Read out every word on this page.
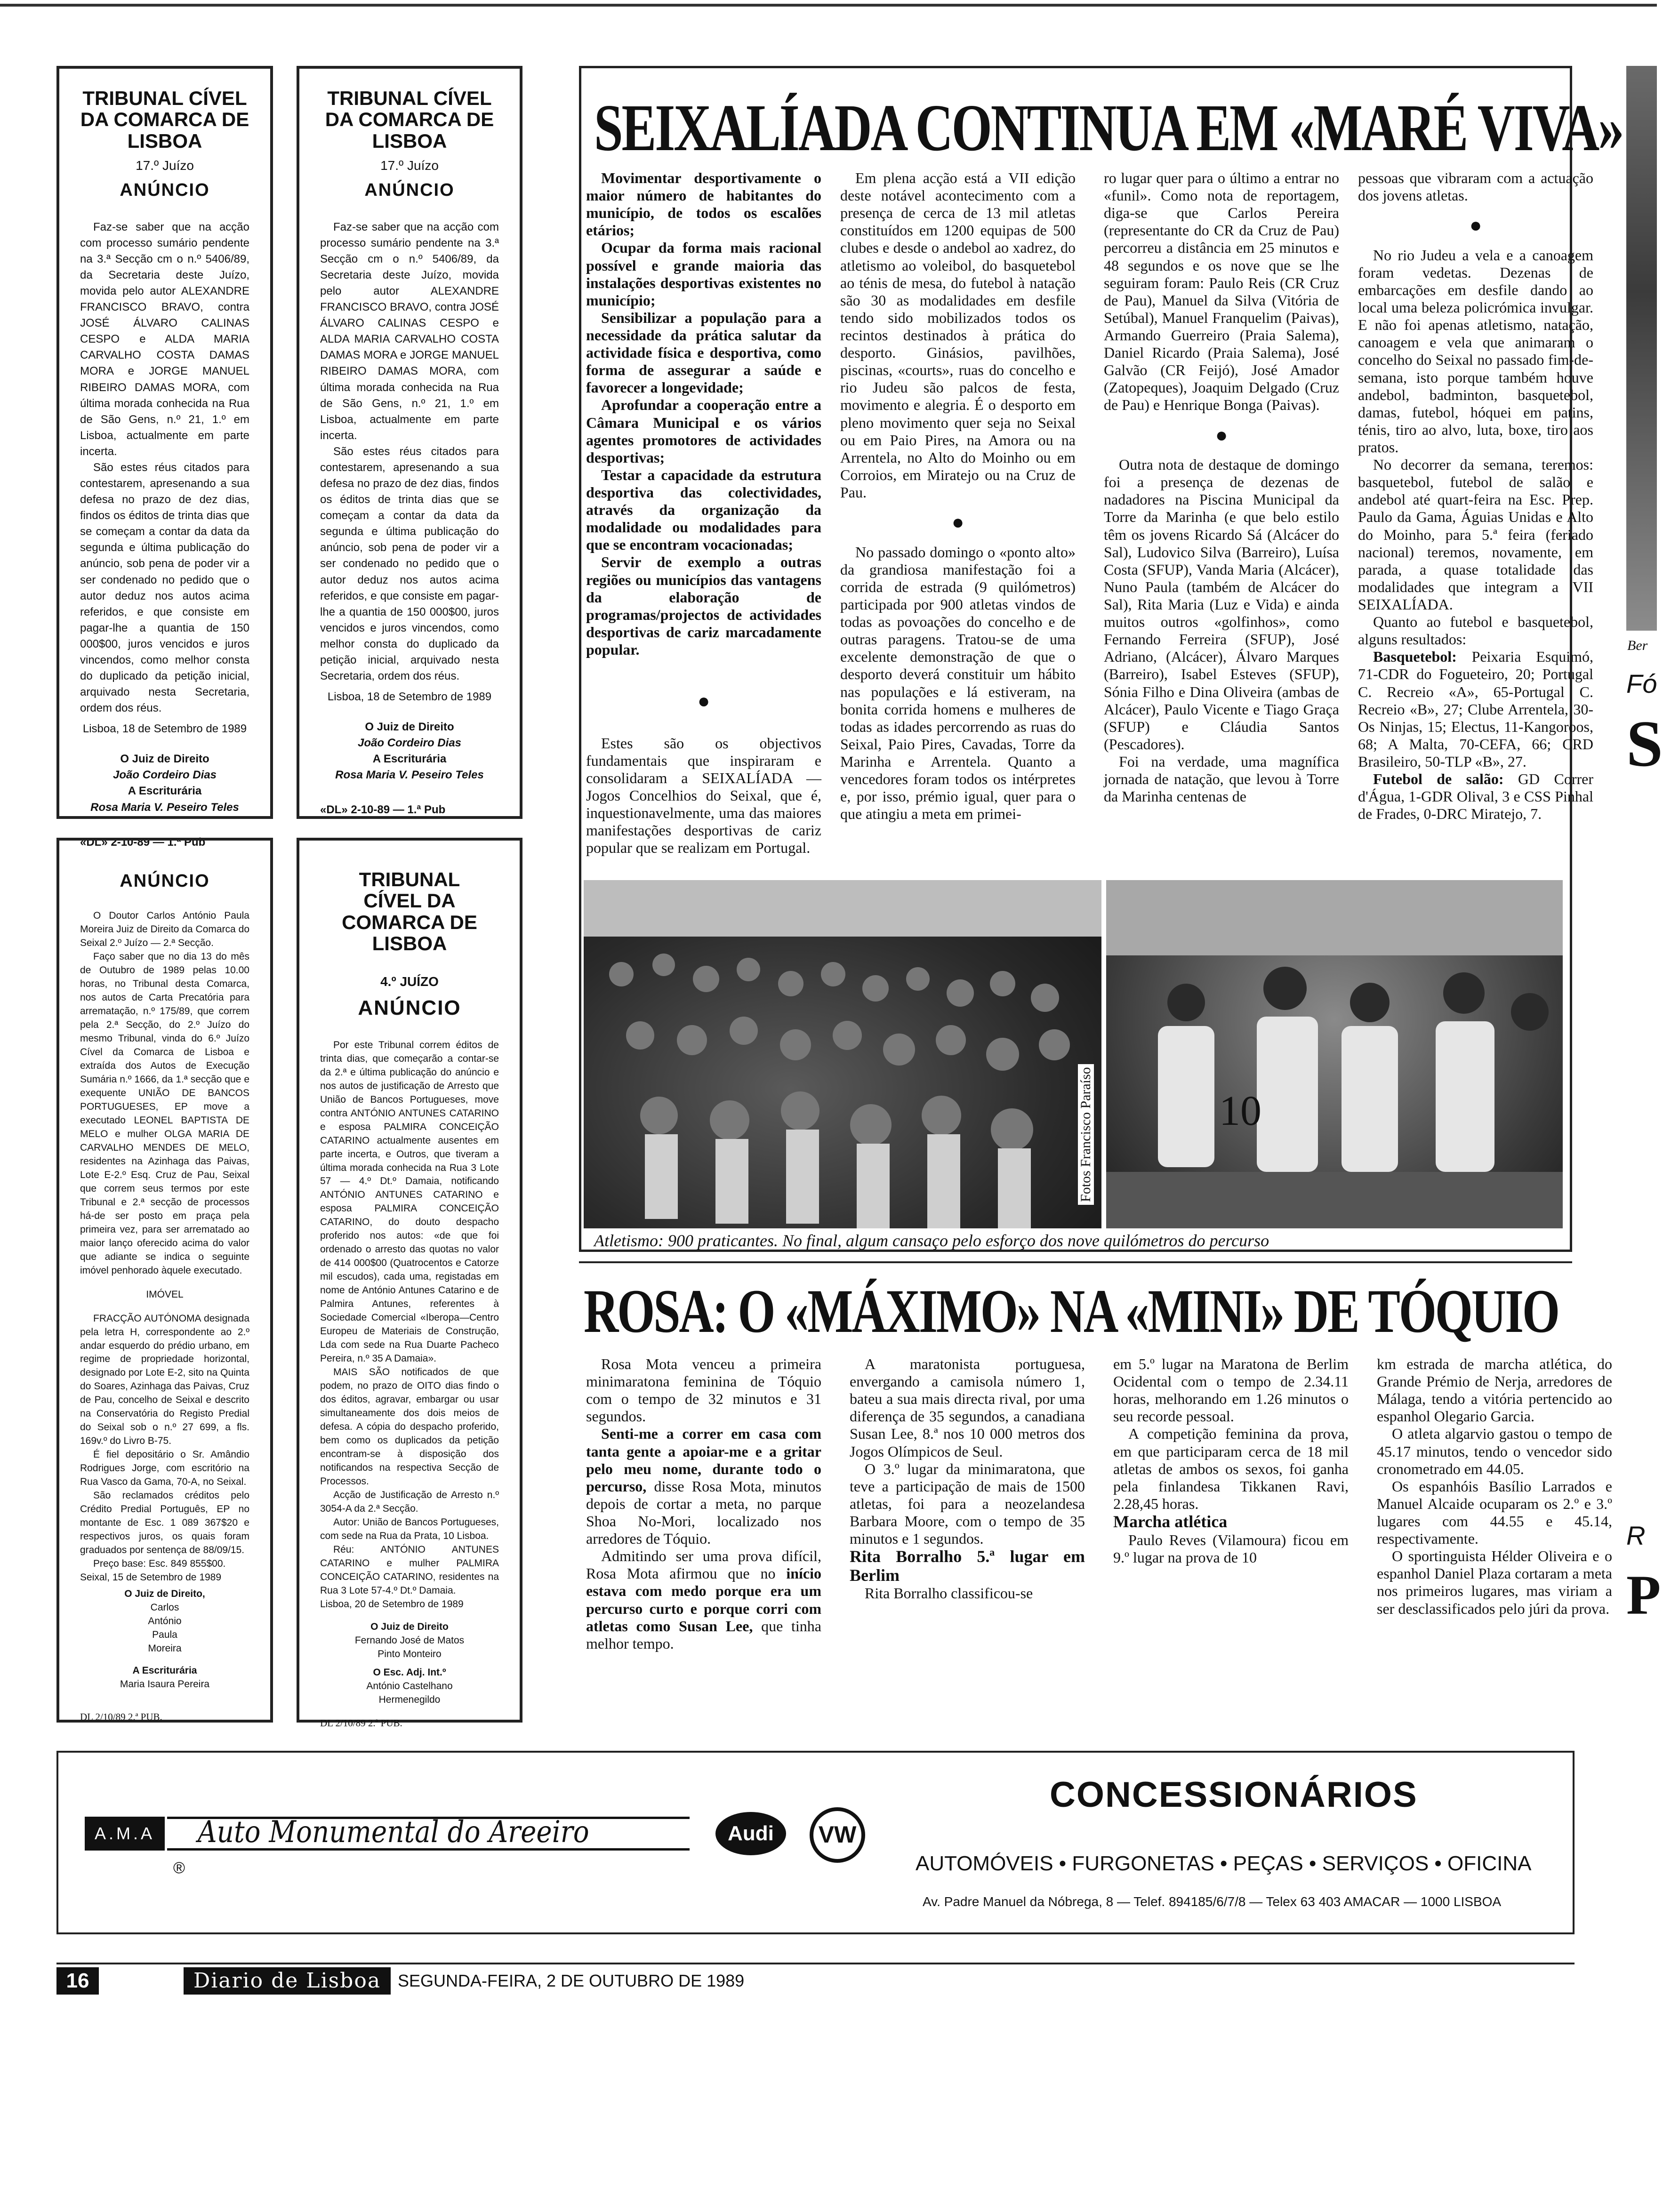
TRIBUNAL CÍVEL DA COMARCA DE LISBOA
17.º Juízo
ANÚNCIO

Faz-se saber que na acção com processo sumário pendente na 3.ª Secção cm o n.º 5406/89, da Secretaria deste Juízo, movida pelo autor ALEXANDRE FRANCISCO BRAVO, contra JOSÉ ÁLVARO CALINAS CESPO e ALDA MARIA CARVALHO COSTA DAMAS MORA e JORGE MANUEL RIBEIRO DAMAS MORA, com última morada conhecida na Rua de São Gens, n.º 21, 1.º em Lisboa, actualmente em parte incerta.

São estes réus citados para contestarem, apresenando a sua defesa no prazo de dez dias, findos os éditos de trinta dias que se começam a contar da data da segunda e última publicação do anúncio, sob pena de poder vir a ser condenado no pedido que o autor deduz nos autos acima referidos, e que consiste em pagar-lhe a quantia de 150 000$00, juros vencidos e juros vincendos, como melhor consta do duplicado da petição inicial, arquivado nesta Secretaria, ordem dos réus.

Lisboa, 18 de Setembro de 1989
O Juiz de Direito
João Cordeiro Dias
A Escriturária
Rosa Maria V. Peseiro Teles
«DL» 2-10-89 — 1.ª Pub
TRIBUNAL CÍVEL DA COMARCA DE LISBOA
17.º Juízo
ANÚNCIO

Faz-se saber que na acção com processo sumário pendente na 3.ª Secção cm o n.º 5406/89, da Secretaria deste Juízo, movida pelo autor ALEXANDRE FRANCISCO BRAVO, contra JOSÉ ÁLVARO CALINAS CESPO e ALDA MARIA CARVALHO COSTA DAMAS MORA e JORGE MANUEL RIBEIRO DAMAS MORA, com última morada conhecida na Rua de São Gens, n.º 21, 1.º em Lisboa, actualmente em parte incerta.

São estes réus citados para contestarem, apresenando a sua defesa no prazo de dez dias, findos os éditos de trinta dias que se começam a contar da data da segunda e última publicação do anúncio, sob pena de poder vir a ser condenado no pedido que o autor deduz nos autos acima referidos, e que consiste em pagar-lhe a quantia de 150 000$00, juros vencidos e juros vincendos, como melhor consta do duplicado da petição inicial, arquivado nesta Secretaria, ordem dos réus.

Lisboa, 18 de Setembro de 1989
O Juiz de Direito
João Cordeiro Dias
A Escriturária
Rosa Maria V. Peseiro Teles
«DL» 2-10-89 — 1.ª Pub
ANÚNCIO

O Doutor Carlos António Paula Moreira Juiz de Direito da Comarca do Seixal 2.º Juízo — 2.ª Secção.

Faço saber que no dia 13 do mês de Outubro de 1989 pelas 10.00 horas, no Tribunal desta Comarca, nos autos de Carta Precatória para arrematação, n.º 175/89, que correm pela 2.ª Secção, do 2.º Juízo do mesmo Tribunal, vinda do 6.º Juízo Cível da Comarca de Lisboa e extraída dos Autos de Execução Sumária n.º 1666, da 1.ª secção que e exequente UNIÃO DE BANCOS PORTUGUESES, EP move a executado LEONEL BAPTISTA DE MELO e mulher OLGA MARIA DE CARVALHO MENDES DE MELO, residentes na Azinhaga das Paivas, Lote E-2.º Esq. Cruz de Pau, Seixal que correm seus termos por este Tribunal e 2.ª secção de processos há-de ser posto em praça pela primeira vez, para ser arrematado ao maior lanço oferecido acima do valor que adiante se indica o seguinte imóvel penhorado àquele executado.

IMÓVEL

FRACÇÃO AUTÓNOMA designada pela letra H, correspondente ao 2.º andar esquerdo do prédio urbano, em regime de propriedade horizontal, designado por Lote E-2, sito na Quinta do Soares, Azinhaga das Paivas, Cruz de Pau, concelho de Seixal e descrito na Conservatória do Registo Predial do Seixal sob o n.º 27 699, a fls. 169v.º do Livro B-75.

É fiel depositário o Sr. Amândio Rodrigues Jorge, com escritório na Rua Vasco da Gama, 70-A, no Seixal.

São reclamados créditos pelo Crédito Predial Português, EP no montante de Esc. 1 089 367$20 e respectivos juros, os quais foram graduados por sentença de 88/09/15.

Preço base: Esc. 849 855$00.

Seixal, 15 de Setembro de 1989
O Juiz de Direito,
Carlos António Paula Moreira
A Escriturária
Maria Isaura Pereira
DL 2/10/89 2.ª PUB.
TRIBUNAL CÍVEL DA COMARCA DE LISBOA
4.º JUÍZO
ANÚNCIO

Por este Tribunal correm éditos de trinta dias, que começarão a contar-se da 2.ª e última publicação do anúncio e nos autos de justificação de Arresto que União de Bancos Portugueses, move contra ANTÓNIO ANTUNES CATARINO e esposa PALMIRA CONCEIÇÃO CATARINO actualmente ausentes em parte incerta, e Outros, que tiveram a última morada conhecida na Rua 3 Lote 57 — 4.º Dt.º Damaia, notificando ANTÓNIO ANTUNES CATARINO e esposa PALMIRA CONCEIÇÃO CATARINO, do douto despacho proferido nos autos: «de que foi ordenado o arresto das quotas no valor de 414 000$00 (Quatrocentos e Catorze mil escudos), cada uma, registadas em nome de António Antunes Catarino e de Palmira Antunes, referentes à Sociedade Comercial «Iberopa—Centro Europeu de Materiais de Construção, Lda com sede na Rua Duarte Pacheco Pereira, n.º 35 A Damaia».

MAIS SÃO notificados de que podem, no prazo de OITO dias findo o dos éditos, agravar, embargar ou usar simultaneamente dos dois meios de defesa. A cópia do despacho proferido, bem como os duplicados da petição encontram-se à disposição dos notificandos na respectiva Secção de Processos.

Acção de Justificação de Arresto n.º 3054-A da 2.ª Secção.

Autor: União de Bancos Portugueses, com sede na Rua da Prata, 10 Lisboa.

Réu: ANTÓNIO ANTUNES CATARINO e mulher PALMIRA CONCEIÇÃO CATARINO, residentes na Rua 3 Lote 57-4.º Dt.º Damaia.

Lisboa, 20 de Setembro de 1989
O Juiz de Direito
Fernando José de Matos Pinto Monteiro
O Esc. Adj. Int.º
António Castelhano Hermenegildo
DL 2/10/89 2.ª PUB.
SEIXALÍADA CONTINUA EM «MARÉ VIVA»

Movimentar desportivamente o maior número de habitantes do município, de todos os escalões etários;

Ocupar da forma mais racional possível e grande maioria das instalações desportivas existentes no município;

Sensibilizar a população para a necessidade da prática salutar da actividade física e desportiva, como forma de assegurar a saúde e favorecer a longevidade;

Aprofundar a cooperação entre a Câmara Municipal e os vários agentes promotores de actividades desportivas;

Testar a capacidade da estrutura desportiva das colectividades, através da organização da modalidade ou modalidades para que se encontram vocacionadas;

Servir de exemplo a outras regiões ou municípios das vantagens da elaboração de programas/projectos de actividades desportivas de cariz marcadamente popular.

●

Estes são os objectivos fundamentais que inspiraram e consolidaram a SEIXALÍADA — Jogos Concelhios do Seixal, que é, inquestionavelmente, uma das maiores manifestações desportivas de cariz popular que se realizam em Portugal.

Em plena acção está a VII edição deste notável acontecimento com a presença de cerca de 13 mil atletas constituídos em 1200 equipas de 500 clubes e desde o andebol ao xadrez, do atletismo ao voleibol, do basquetebol ao ténis de mesa, do futebol à natação são 30 as modalidades em desfile tendo sido mobilizados todos os recintos destinados à prática do desporto. Ginásios, pavilhões, piscinas, «courts», ruas do concelho e rio Judeu são palcos de festa, movimento e alegria. É o desporto em pleno movimento quer seja no Seixal ou em Paio Pires, na Amora ou na Arrentela, no Alto do Moinho ou em Corroios, em Miratejo ou na Cruz de Pau.

●

No passado domingo o «ponto alto» da grandiosa manifestação foi a corrida de estrada (9 quilómetros) participada por 900 atletas vindos de todas as povoações do concelho e de outras paragens. Tratou-se de uma excelente demonstração de que o desporto deverá constituir um hábito nas populações e lá estiveram, na bonita corrida homens e mulheres de todas as idades percorrendo as ruas do Seixal, Paio Pires, Cavadas, Torre da Marinha e Arrentela. Quanto a vencedores foram todos os intérpretes e, por isso, prémio igual, quer para o que atingiu a meta em primei-

ro lugar quer para o último a entrar no «funil». Como nota de reportagem, diga-se que Carlos Pereira (representante do CR da Cruz de Pau) percorreu a distância em 25 minutos e 48 segundos e os nove que se lhe seguiram foram: Paulo Reis (CR Cruz de Pau), Manuel da Silva (Vitória de Setúbal), Manuel Franquelim (Paivas), Armando Guerreiro (Praia Salema), Daniel Ricardo (Praia Salema), José Galvão (CR Feijó), José Amador (Zatopeques), Joaquim Delgado (Cruz de Pau) e Henrique Bonga (Paivas).

●

Outra nota de destaque de domingo foi a presença de dezenas de nadadores na Piscina Municipal da Torre da Marinha (e que belo estilo têm os jovens Ricardo Sá (Alcácer do Sal), Ludovico Silva (Barreiro), Luísa Costa (SFUP), Vanda Maria (Alcácer), Nuno Paula (também de Alcácer do Sal), Rita Maria (Luz e Vida) e ainda muitos outros «golfinhos», como Fernando Ferreira (SFUP), José Adriano, (Alcácer), Álvaro Marques (Barreiro), Isabel Esteves (SFUP), Sónia Filho e Dina Oliveira (ambas de Alcácer), Paulo Vicente e Tiago Graça (SFUP) e Cláudia Santos (Pescadores).

Foi na verdade, uma magnífica jornada de natação, que levou à Torre da Marinha centenas de

pessoas que vibraram com a actuação dos jovens atletas.

●

No rio Judeu a vela e a canoagem foram vedetas. Dezenas de embarcações em desfile dando ao local uma beleza policrómica invulgar. E não foi apenas atletismo, natação, canoagem e vela que animaram o concelho do Seixal no passado fim-de-semana, isto porque também houve andebol, badminton, basquetebol, damas, futebol, hóquei em patins, ténis, tiro ao alvo, luta, boxe, tiro aos pratos.

No decorrer da semana, teremos: basquetebol, futebol de salão e andebol até quart-feira na Esc. Prep. Paulo da Gama, Águias Unidas e Alto do Moinho, para 5.ª feira (feriado nacional) teremos, novamente, em parada, a quase totalidade das modalidades que integram a VII SEIXALÍADA.

Quanto ao futebol e basquetebol, alguns resultados:

Basquetebol: Peixaria Esquimó, 71-CDR do Fogueteiro, 20; Portugal C. Recreio «A», 65-Portugal C. Recreio «B», 27; Clube Arrentela, 30-Os Ninjas, 15; Electus, 11-Kangoroos, 68; A Malta, 70-CEFA, 66; CRD Brasileiro, 50-TLP «B», 27.

Futebol de salão: GD Correr d'Água, 1-GDR Olival, 3 e CSS Pinhal de Frades, 0-DRC Miratejo, 7.

Fotos Francisco Paraíso	10
Atletismo: 900 praticantes. No final, algum cansaço pelo esforço dos nove quilómetros do percurso
ROSA: O «MÁXIMO» NA «MINI» DE TÓQUIO

Rosa Mota venceu a primeira minimaratona feminina de Tóquio com o tempo de 32 minutos e 31 segundos.

Senti-me a correr em casa com tanta gente a apoiar-me e a gritar pelo meu nome, durante todo o percurso, disse Rosa Mota, minutos depois de cortar a meta, no parque Shoa No-Mori, localizado nos arredores de Tóquio.

Admitindo ser uma prova difícil, Rosa Mota afirmou que no início estava com medo porque era um percurso curto e porque corri com atletas como Susan Lee, que tinha melhor tempo.

A maratonista portuguesa, envergando a camisola número 1, bateu a sua mais directa rival, por uma diferença de 35 segundos, a canadiana Susan Lee, 8.ª nos 10 000 metros dos Jogos Olímpicos de Seul.

O 3.º lugar da minimaratona, que teve a participação de mais de 1500 atletas, foi para a neozelandesa Barbara Moore, com o tempo de 35 minutos e 1 segundos.

Rita Borralho 5.ª lugar em Berlim

Rita Borralho classificou-se

em 5.º lugar na Maratona de Berlim Ocidental com o tempo de 2.34.11 horas, melhorando em 1.26 minutos o seu recorde pessoal.

A competição feminina da prova, em que participaram cerca de 18 mil atletas de ambos os sexos, foi ganha pela finlandesa Tikkanen Ravi, 2.28,45 horas.

Marcha atlética

Paulo Reves (Vilamoura) ficou em 9.º lugar na prova de 10

km estrada de marcha atlética, do Grande Prémio de Nerja, arredores de Málaga, tendo a vitória pertencido ao espanhol Olegario Garcia.

O atleta algarvio gastou o tempo de 45.17 minutos, tendo o vencedor sido cronometrado em 44.05.

Os espanhóis Basílio Larrados e Manuel Alcaide ocuparam os 2.º e 3.º lugares com 44.55 e 45.14, respectivamente.

O sportinguista Hélder Oliveira e o espanhol Daniel Plaza cortaram a meta nos primeiros lugares, mas viriam a ser desclassificados pelo júri da prova.

A.M.A	Auto Monumental do Areeiro
®
Audi	VW
CONCESSIONÁRIOS
AUTOMÓVEIS • FURGONETAS • PEÇAS • SERVIÇOS • OFICINA
Av. Padre Manuel da Nóbrega, 8 — Telef. 894185/6/7/8 — Telex 63 403 AMACAR — 1000 LISBOA
16	Diario de Lisboa SEGUNDA-FEIRA, 2 DE OUTUBRO DE 1989
Ber
Fó
S
R
P
